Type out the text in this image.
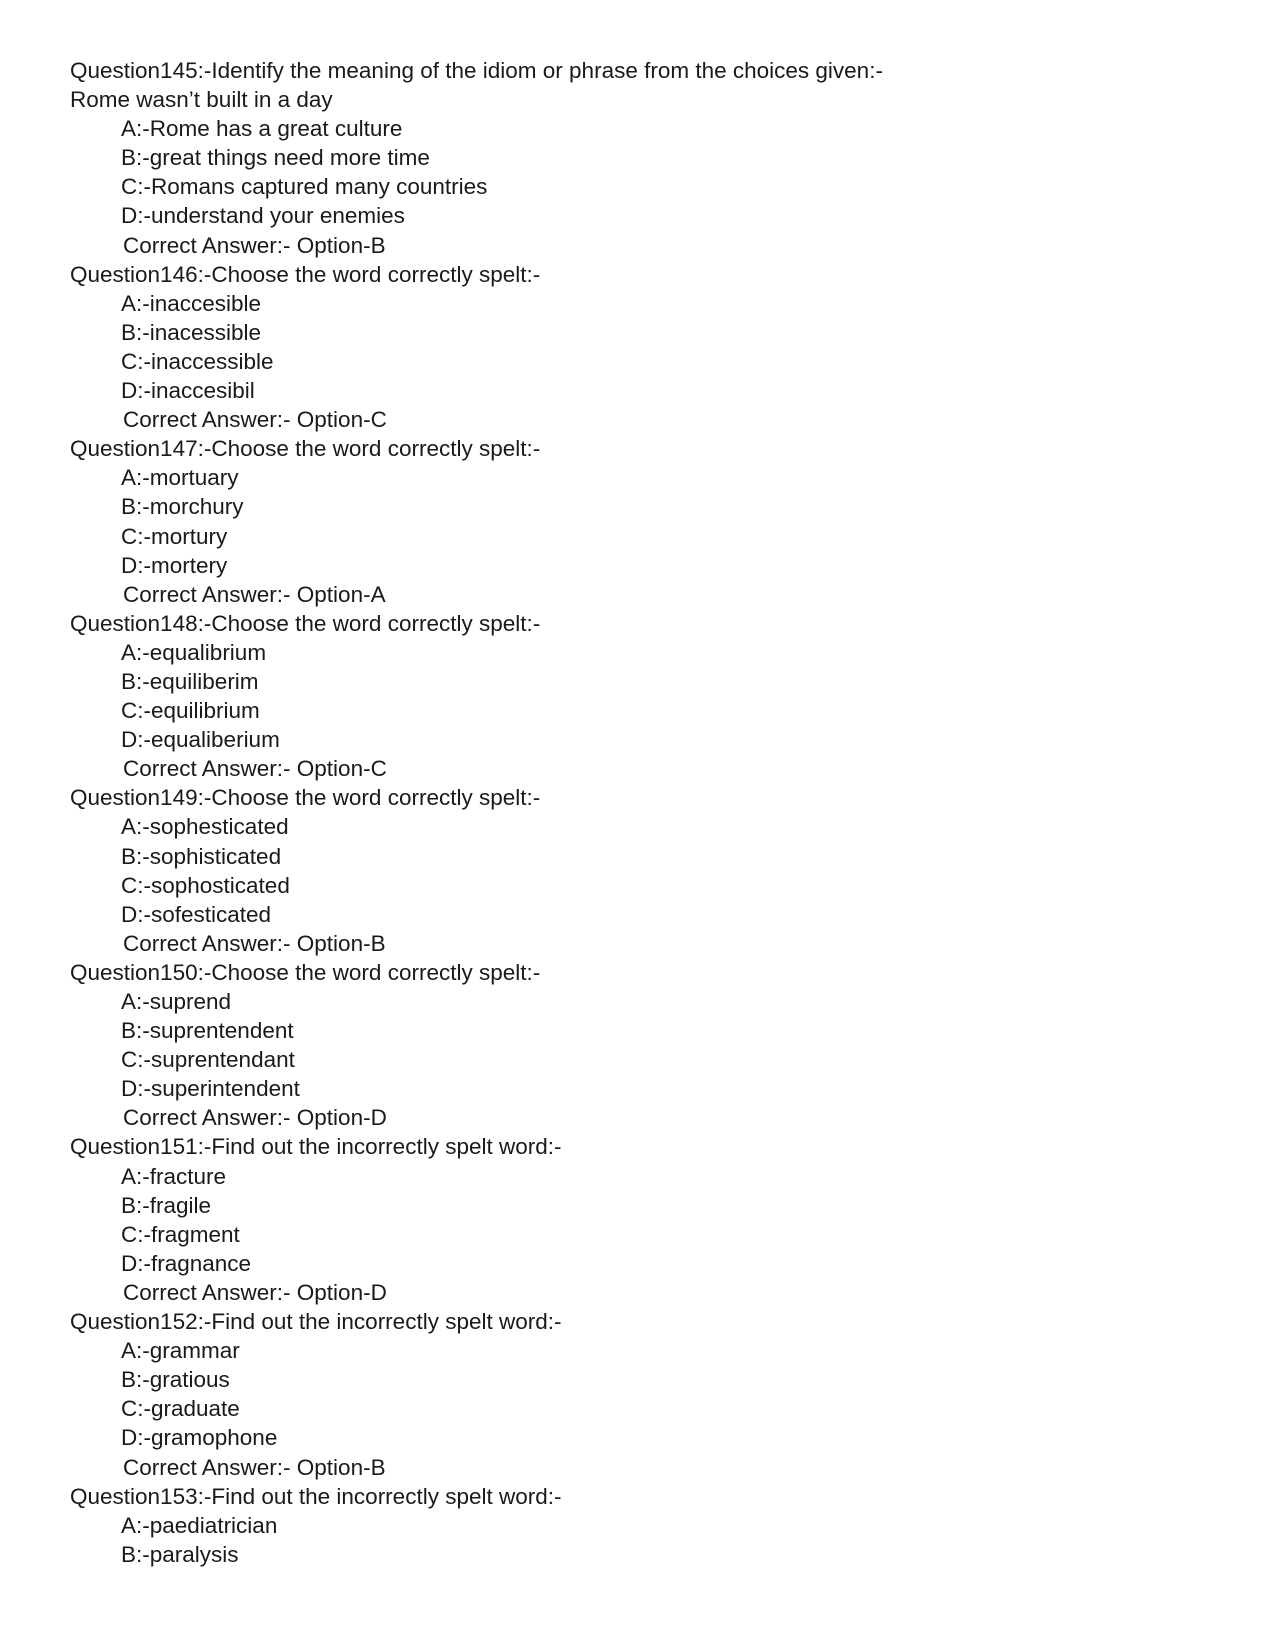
Question145:-Identify the meaning of the idiom or phrase from the choices given:-
Rome wasn’t built in a day
A:-Rome has a great culture
B:-great things need more time
C:-Romans captured many countries
D:-understand your enemies
Correct Answer:- Option-B
Question146:-Choose the word correctly spelt:-
A:-inaccesible
B:-inacessible
C:-inaccessible
D:-inaccesibil
Correct Answer:- Option-C
Question147:-Choose the word correctly spelt:-
A:-mortuary
B:-morchury
C:-mortury
D:-mortery
Correct Answer:- Option-A
Question148:-Choose the word correctly spelt:-
A:-equalibrium
B:-equiliberim
C:-equilibrium
D:-equaliberium
Correct Answer:- Option-C
Question149:-Choose the word correctly spelt:-
A:-sophesticated
B:-sophisticated
C:-sophosticated
D:-sofesticated
Correct Answer:- Option-B
Question150:-Choose the word correctly spelt:-
A:-suprend
B:-suprentendent
C:-suprentendant
D:-superintendent
Correct Answer:- Option-D
Question151:-Find out the incorrectly spelt word:-
A:-fracture
B:-fragile
C:-fragment
D:-fragnance
Correct Answer:- Option-D
Question152:-Find out the incorrectly spelt word:-
A:-grammar
B:-gratious
C:-graduate
D:-gramophone
Correct Answer:- Option-B
Question153:-Find out the incorrectly spelt word:-
A:-paediatrician
B:-paralysis
